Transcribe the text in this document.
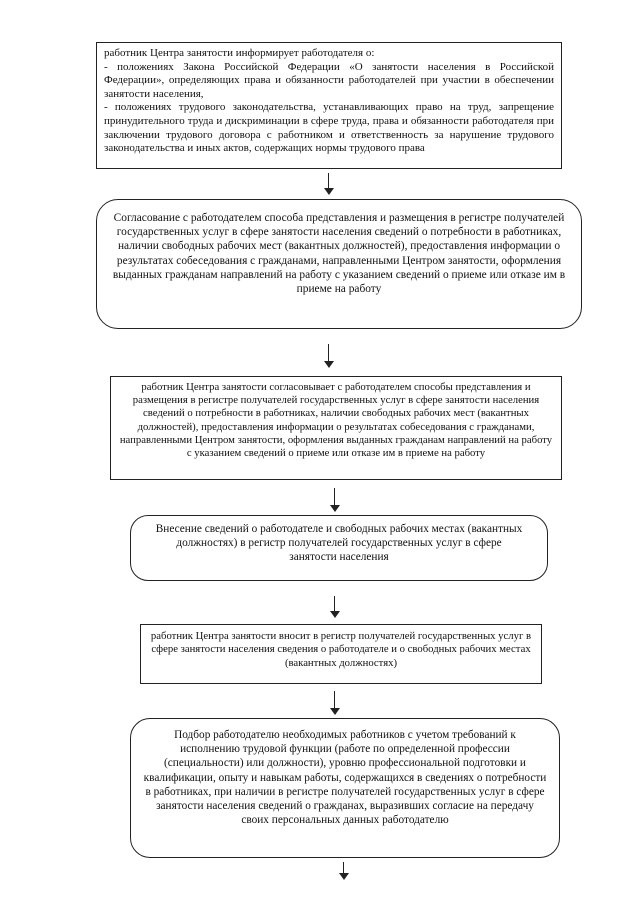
работник Центра занятости информирует работодателя о:
- положениях Закона Российской Федерации «О занятости населения в Российской Федерации», определяющих права и обязанности работодателей при участии в обеспечении занятости населения,
- положениях трудового законодательства, устанавливающих право на труд, запрещение принудительного труда и дискриминации в сфере труда, права и обязанности работодателя при заключении трудового договора с работником и ответственность за нарушение трудового законодательства и иных актов, содержащих нормы трудового права
Согласование с работодателем способа представления и размещения в регистре получателей государственных услуг в сфере занятости населения сведений о потребности в работниках, наличии свободных рабочих мест (вакантных должностей), предоставления информации о результатах собеседования с гражданами, направленными Центром занятости, оформления выданных гражданам направлений на работу с указанием сведений о приеме или отказе им в приеме на работу
работник Центра занятости согласовывает с работодателем способы представления и размещения в регистре получателей государственных услуг в сфере занятости населения сведений о потребности в работниках, наличии свободных рабочих мест (вакантных должностей), предоставления информации о результатах собеседования с гражданами, направленными Центром занятости, оформления выданных гражданам направлений на работу с указанием сведений о приеме или отказе им в приеме на работу
Внесение сведений о работодателе и свободных рабочих местах (вакантных должностях) в регистр получателей государственных услуг в сфере занятости населения
работник Центра занятости вносит в регистр получателей государственных услуг в сфере занятости населения сведения о работодателе и о свободных рабочих местах (вакантных должностях)
Подбор работодателю необходимых работников с учетом требований к исполнению трудовой функции (работе по определенной профессии (специальности) или должности), уровню профессиональной подготовки и квалификации, опыту и навыкам работы, содержащихся в сведениях о потребности в работниках, при наличии в регистре получателей государственных услуг в сфере занятости населения сведений о гражданах, выразивших согласие на передачу своих персональных данных работодателю
